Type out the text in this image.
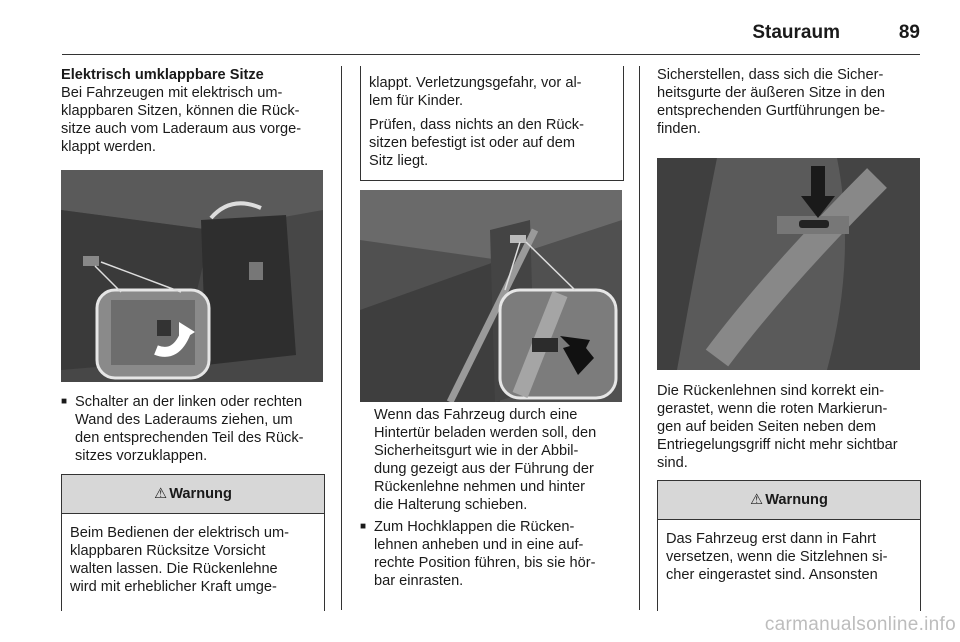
Stauraum	89

Elektrisch umklappbare Sitze

Bei Fahrzeugen mit elektrisch um-
klappbaren Sitzen, können die Rück-
sitze auch vom Laderaum aus vorge-
klappt werden.

■ Schalter an der linken oder rechten
Wand des Laderaums ziehen, um
den entsprechenden Teil des Rück-
sitzes vorzuklappen.

⚠ Warnung
Beim Bedienen der elektrisch um-
klappbaren Rücksitze Vorsicht
walten lassen. Die Rückenlehne
wird mit erheblicher Kraft umge-
klappt. Verletzungsgefahr, vor al-
lem für Kinder.
Prüfen, dass nichts an den Rück-
sitzen befestigt ist oder auf dem
Sitz liegt.

Wenn das Fahrzeug durch eine
Hintertür beladen werden soll, den
Sicherheitsgurt wie in der Abbil-
dung gezeigt aus der Führung der
Rückenlehne nehmen und hinter
die Halterung schieben.

■ Zum Hochklappen die Rücken-
lehnen anheben und in eine auf-
rechte Position führen, bis sie hör-
bar einrasten.

Sicherstellen, dass sich die Sicher-
heitsgurte der äußeren Sitze in den
entsprechenden Gurtführungen be-
finden.

Die Rückenlehnen sind korrekt ein-
gerastet, wenn die roten Markierun-
gen auf beiden Seiten neben dem
Entriegelungsgriff nicht mehr sichtbar
sind.

⚠ Warnung
Das Fahrzeug erst dann in Fahrt
versetzen, wenn die Sitzlehnen si-
cher eingerastet sind. Ansonsten
carmanualsonline.info
